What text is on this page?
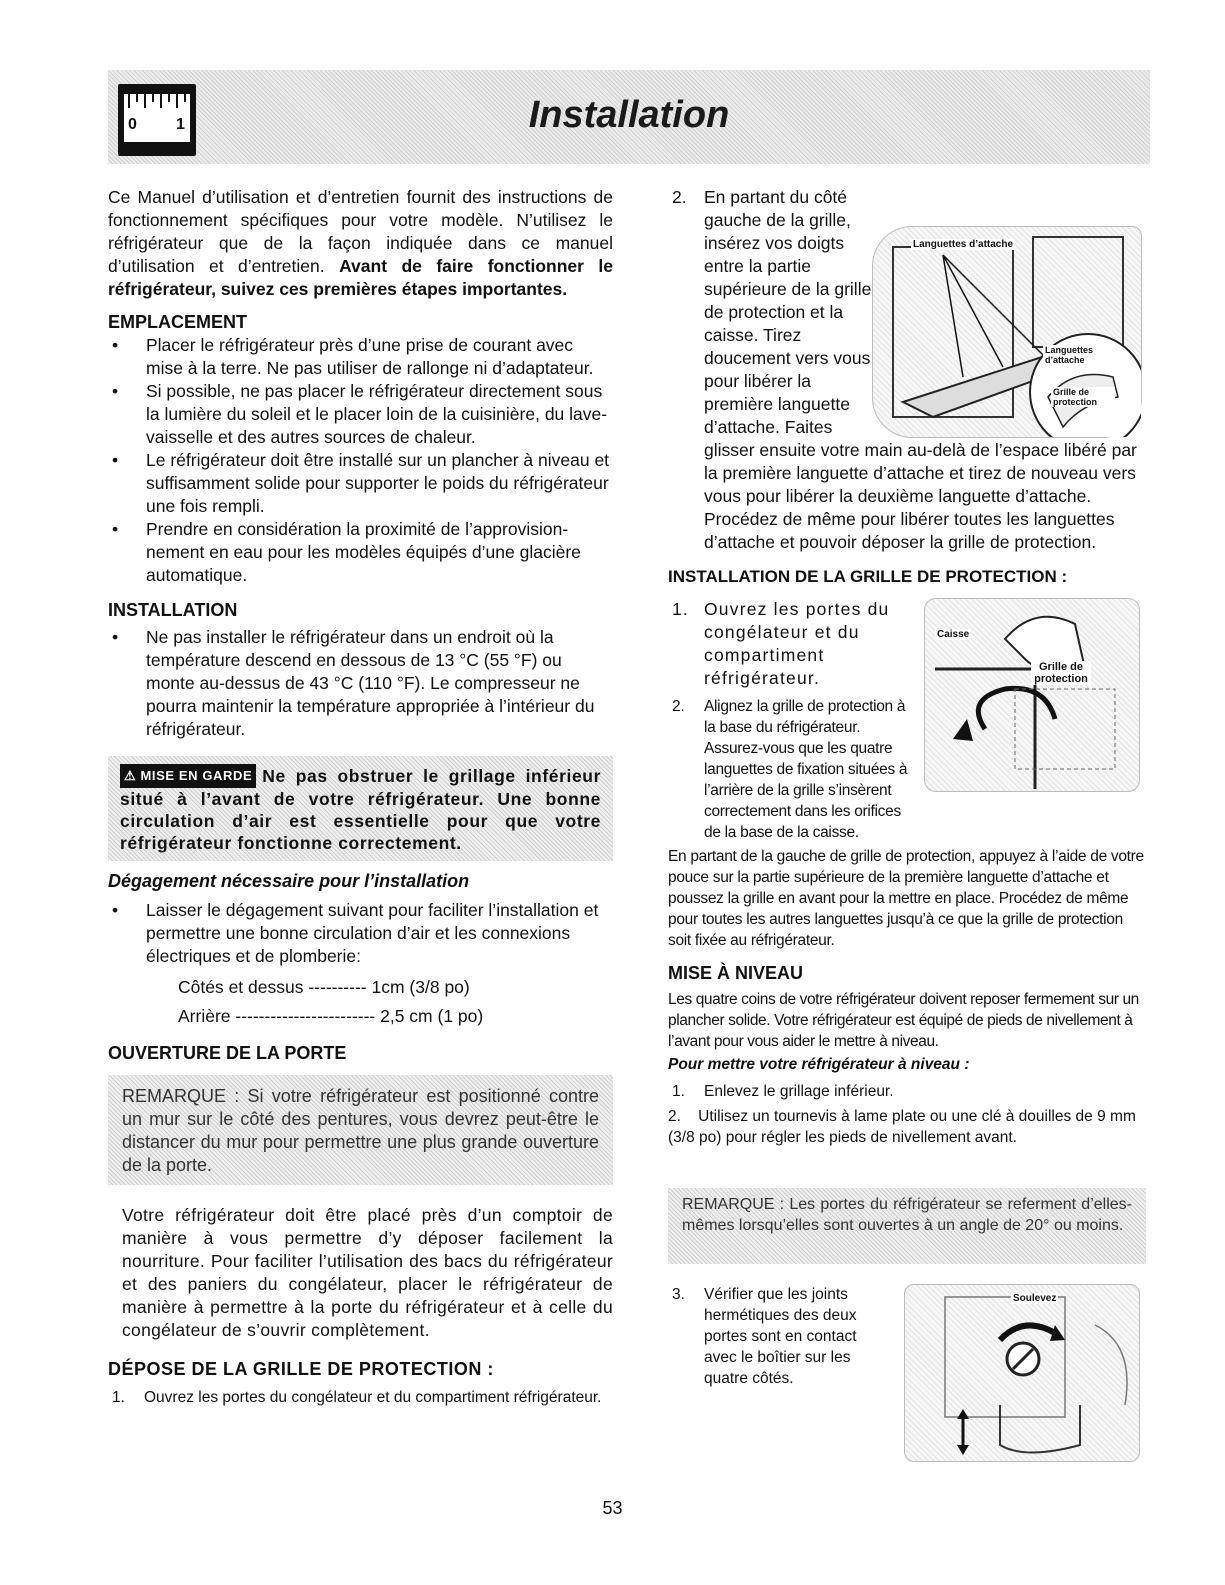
0 1	Installation

Ce Manuel d’utilisation et d’entretien fournit des instructions de fonctionnement spécifiques pour votre modèle. N’utilisez le réfrigérateur que de la façon indiquée dans ce manuel d’utilisation et d’entretien. Avant de faire fonctionner le réfrigérateur, suivez ces premières étapes importantes.

EMPLACEMENT

• Placer le réfrigérateur près d’une prise de courant avec mise à la terre. Ne pas utiliser de rallonge ni d’adaptateur.

• Si possible, ne pas placer le réfrigérateur directement sous la lumière du soleil et le placer loin de la cuisinière, du lave-vaisselle et des autres sources de chaleur.

• Le réfrigérateur doit être installé sur un plancher à niveau et suffisamment solide pour supporter le poids du réfrigérateur une fois rempli.

• Prendre en considération la proximité de l’approvision-nement en eau pour les modèles équipés d’une glacière automatique.

INSTALLATION

• Ne pas installer le réfrigérateur dans un endroit où la température descend en dessous de 13 °C (55 °F) ou monte au-dessus de 43 °C (110 °F). Le compresseur ne pourra maintenir la température appropriée à l’intérieur du réfrigérateur.

⚠ MISE EN GARDE Ne pas obstruer le grillage inférieur situé à l’avant de votre réfrigérateur. Une bonne circulation d’air est essentielle pour que votre réfrigérateur fonctionne correctement.

Dégagement nécessaire pour l’installation

• Laisser le dégagement suivant pour faciliter l’installation et permettre une bonne circulation d’air et les connexions électriques et de plomberie:

Côtés et dessus ---------- 1cm (3/8 po)

Arrière ------------------------ 2,5 cm (1 po)

OUVERTURE DE LA PORTE

REMARQUE : Si votre réfrigérateur est positionné contre un mur sur le côté des pentures, vous devrez peut-être le distancer du mur pour permettre une plus grande ouverture de la porte.

Votre réfrigérateur doit être placé près d’un comptoir de manière à vous permettre d’y déposer facilement la nourriture. Pour faciliter l’utilisation des bacs du réfrigérateur et des paniers du congélateur, placer le réfrigérateur de manière à permettre à la porte du réfrigérateur et à celle du congélateur de s’ouvrir complètement.

DÉPOSE DE LA GRILLE DE PROTECTION :

1. Ouvrez les portes du congélateur et du compartiment réfrigérateur.

2. En partant du côté gauche de la grille, insérez vos doigts entre la partie supérieure de la grille de protection et la caisse. Tirez doucement vers vous pour libérer la première languette d’attache. Faites

glisser ensuite votre main au-delà de l’espace libéré par la première languette d’attache et tirez de nouveau vers vous pour libérer la deuxième languette d’attache. Procédez de même pour libérer toutes les languettes d’attache et pouvoir déposer la grille de protection.

Languettes d’attache
Languettes d’attache
Grille de protection
INSTALLATION DE LA GRILLE DE PROTECTION :
1. Ouvrez les portes du congélateur et du compartiment réfrigérateur.
2. Alignez la grille de protection à la base du réfrigérateur. Assurez-vous que les quatre languettes de fixation situées à l’arrière de la grille s’insèrent correctement dans les orifices de la base de la caisse.
Caisse
Grille de protection
En partant de la gauche de grille de protection, appuyez à l’aide de votre pouce sur la partie supérieure de la première languette d’attache et poussez la grille en avant pour la mettre en place. Procédez de même pour toutes les autres languettes jusqu’à ce que la grille de protection soit fixée au réfrigérateur.
MISE À NIVEAU

Les quatre coins de votre réfrigérateur doivent reposer fermement sur un plancher solide. Votre réfrigérateur est équipé de pieds de nivellement à l’avant pour vous aider le mettre à niveau.

Pour mettre votre réfrigérateur à niveau :

1. Enlevez le grillage inférieur.

2. Utilisez un tournevis à lame plate ou une clé à douilles de 9 mm (3/8 po) pour régler les pieds de nivellement avant.

REMARQUE : Les portes du réfrigérateur se referment d’elles-mêmes lorsqu’elles sont ouvertes à un angle de 20° ou moins.

3. Vérifier que les joints hermétiques des deux portes sont en contact avec le boîtier sur les quatre côtés.

Soulevez
53
